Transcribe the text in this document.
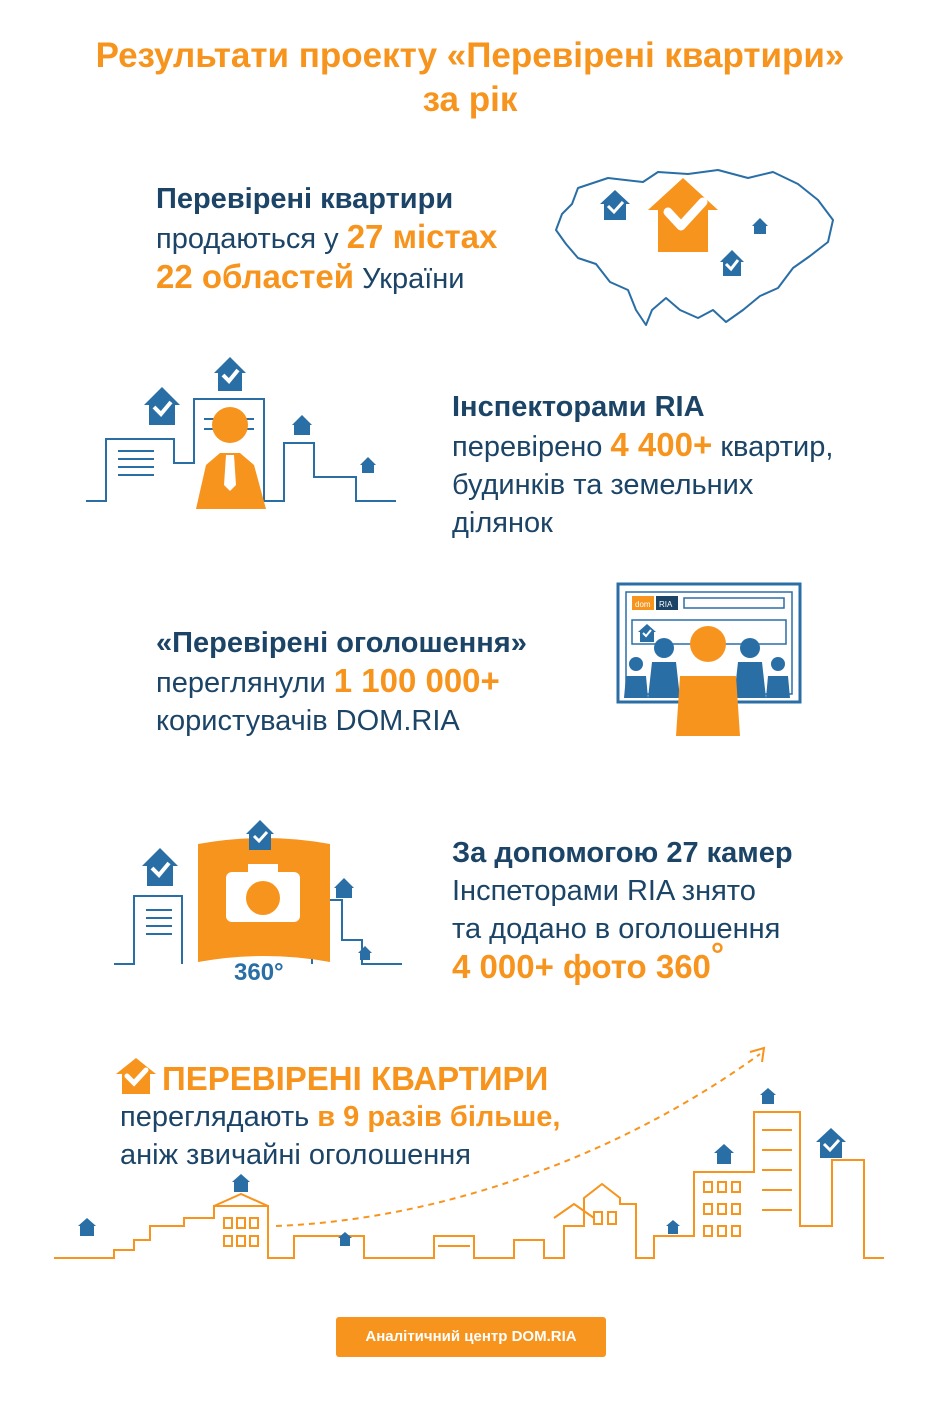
Результати проекту «Перевірені квартири»
за рік
Перевірені квартири
продаються у 27 містах
22 областей України
Інспекторами RIA
перевірено 4 400+ квартир,
будинків та земельних
ділянок
«Перевірені оголошення»
переглянули 1 100 000+
користувачів DOM.RIA
dom RIA
360°
За допомогою 27 камер
Інспеторами RIA знято
та додано в оголошення
4 000+ фото 360°
ПЕРЕВІРЕНІ КВАРТИРИ
переглядають в 9 разів більше,
аніж звичайні оголошення
Аналітичний центр DOM.RIA
